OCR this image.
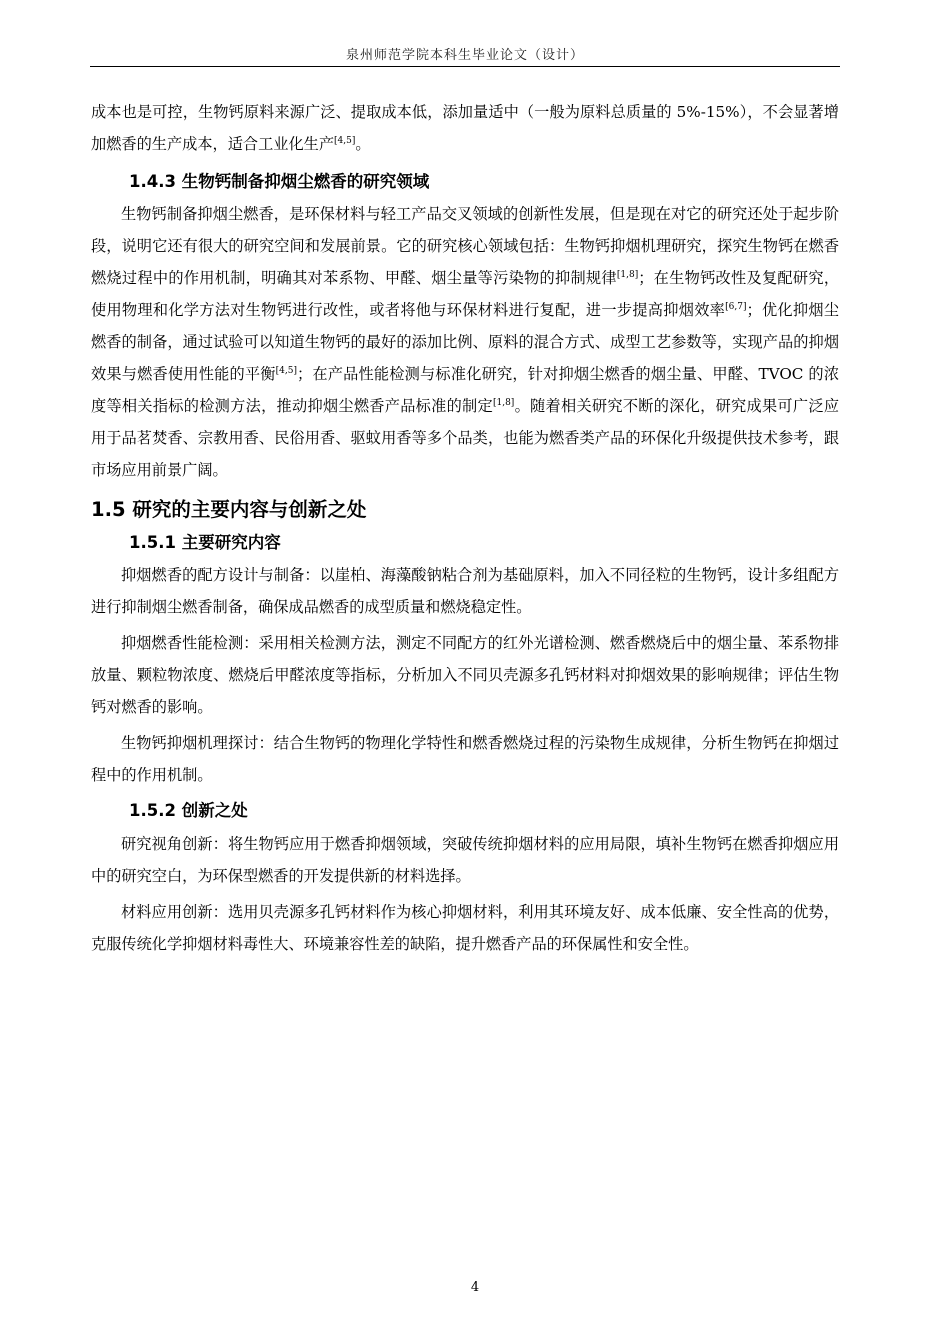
泉州师范学院本科生毕业论文（设计）

成本也是可控，生物钙原料来源广泛、提取成本低，添加量适中（一般为原料总质量的 5%-15%），不会显著增加燃香的生产成本，适合工业化生产[4,5]。

1.4.3 生物钙制备抑烟尘燃香的研究领域

生物钙制备抑烟尘燃香，是环保材料与轻工产品交叉领域的创新性发展，但是现在对它的研究还处于起步阶段，说明它还有很大的研究空间和发展前景。它的研究核心领域包括：生物钙抑烟机理研究，探究生物钙在燃香燃烧过程中的作用机制，明确其对苯系物、甲醛、烟尘量等污染物的抑制规律[1,8]；在生物钙改性及复配研究，使用物理和化学方法对生物钙进行改性，或者将他与环保材料进行复配，进一步提高抑烟效率[6,7]；优化抑烟尘燃香的制备，通过试验可以知道生物钙的最好的添加比例、原料的混合方式、成型工艺参数等，实现产品的抑烟效果与燃香使用性能的平衡[4,5]；在产品性能检测与标准化研究，针对抑烟尘燃香的烟尘量、甲醛、TVOC 的浓度等相关指标的检测方法，推动抑烟尘燃香产品标准的制定[1,8]。随着相关研究不断的深化，研究成果可广泛应用于品茗焚香、宗教用香、民俗用香、驱蚊用香等多个品类，也能为燃香类产品的环保化升级提供技术参考，跟市场应用前景广阔。

1.5 研究的主要内容与创新之处
1.5.1 主要研究内容

抑烟燃香的配方设计与制备：以崖柏、海藻酸钠粘合剂为基础原料，加入不同径粒的生物钙，设计多组配方进行抑制烟尘燃香制备，确保成品燃香的成型质量和燃烧稳定性。

抑烟燃香性能检测：采用相关检测方法，测定不同配方的红外光谱检测、燃香燃烧后中的烟尘量、苯系物排放量、颗粒物浓度、燃烧后甲醛浓度等指标，分析加入不同贝壳源多孔钙材料对抑烟效果的影响规律；评估生物钙对燃香的影响。

生物钙抑烟机理探讨：结合生物钙的物理化学特性和燃香燃烧过程的污染物生成规律，分析生物钙在抑烟过程中的作用机制。

1.5.2 创新之处

研究视角创新：将生物钙应用于燃香抑烟领域，突破传统抑烟材料的应用局限，填补生物钙在燃香抑烟应用中的研究空白，为环保型燃香的开发提供新的材料选择。

材料应用创新：选用贝壳源多孔钙材料作为核心抑烟材料，利用其环境友好、成本低廉、安全性高的优势，克服传统化学抑烟材料毒性大、环境兼容性差的缺陷，提升燃香产品的环保属性和安全性。

4
